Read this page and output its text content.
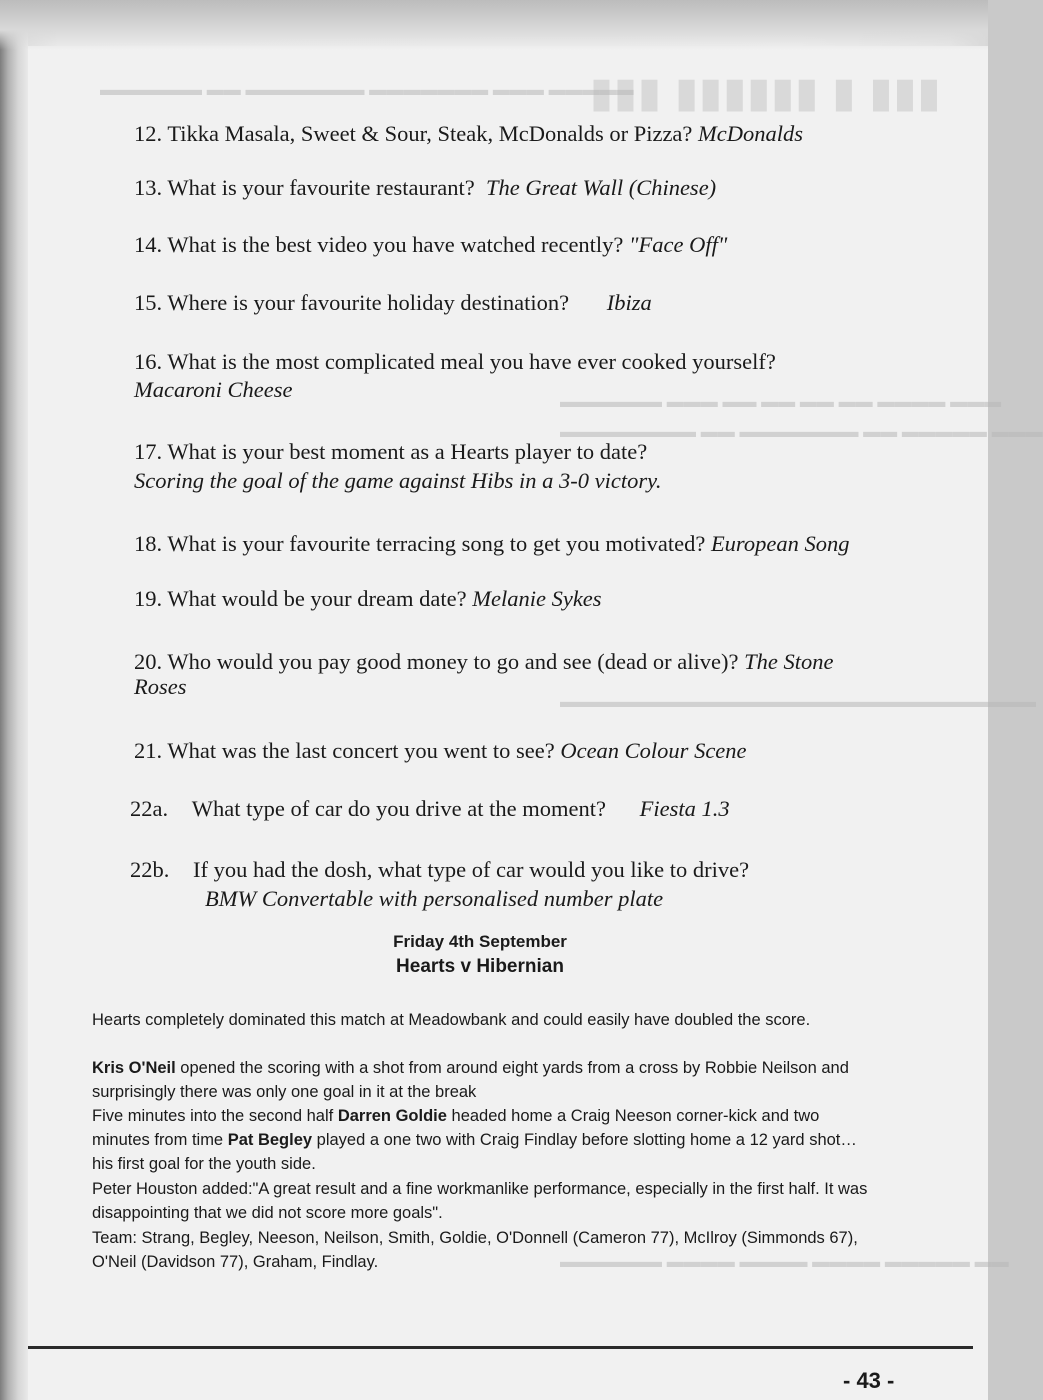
- 43 -
▮▮▮ ▮ ▮▮▮▮▮▮ ▮▮▮
▬▬▬▬▬ ▬▬▬ ▬▬▬▬▬▬▬ ▬▬▬▬▬▬▬ ▬▬ ▬▬▬▬▬▬
▬▬▬ ▬▬▬▬ ▬▬ ▬▬ ▬▬ ▬▬ ▬▬▬ ▬▬▬▬▬▬
▬▬▬ ▬▬▬▬▬ ▬▬ ▬▬▬▬▬▬▬ ▬▬ ▬▬▬▬▬▬▬▬
▬▬▬▬▬▬▬▬▬▬▬▬▬▬▬▬▬▬▬▬▬▬▬▬▬▬▬▬
▬▬ ▬▬▬▬▬ ▬▬▬▬ ▬▬▬▬ ▬▬▬▬ ▬▬▬▬▬▬
12. Tikka Masala, Sweet & Sour, Steak, McDonalds or Pizza? McDonalds
13. What is your favourite restaurant? The Great Wall (Chinese)
14. What is the best video you have watched recently? "Face Off"
15. Where is your favourite holiday destination? Ibiza
16. What is the most complicated meal you have ever cooked yourself?
Macaroni Cheese
17. What is your best moment as a Hearts player to date?
Scoring the goal of the game against Hibs in a 3-0 victory.
18. What is your favourite terracing song to get you motivated? European Song
19. What would be your dream date? Melanie Sykes
20. Who would you pay good money to go and see (dead or alive)? The Stone
Roses
21. What was the last concert you went to see? Ocean Colour Scene
22a. What type of car do you drive at the moment? Fiesta 1.3
22b. If you had the dosh, what type of car would you like to drive?
BMW Convertable with personalised number plate
Friday 4th September
Hearts v Hibernian
Hearts completely dominated this match at Meadowbank and could easily have doubled the score.
Kris O'Neil opened the scoring with a shot from around eight yards from a cross by Robbie Neilson and surprisingly there was only one goal in it at the break
Five minutes into the second half Darren Goldie headed home a Craig Neeson corner-kick and two minutes from time Pat Begley played a one two with Craig Findlay before slotting home a 12 yard shot…his first goal for the youth side.
Peter Houston added:"A great result and a fine workmanlike performance, especially in the first half. It was disappointing that we did not score more goals".
Team: Strang, Begley, Neeson, Neilson, Smith, Goldie, O'Donnell (Cameron 77), McIlroy (Simmonds 67), O'Neil (Davidson 77), Graham, Findlay.
